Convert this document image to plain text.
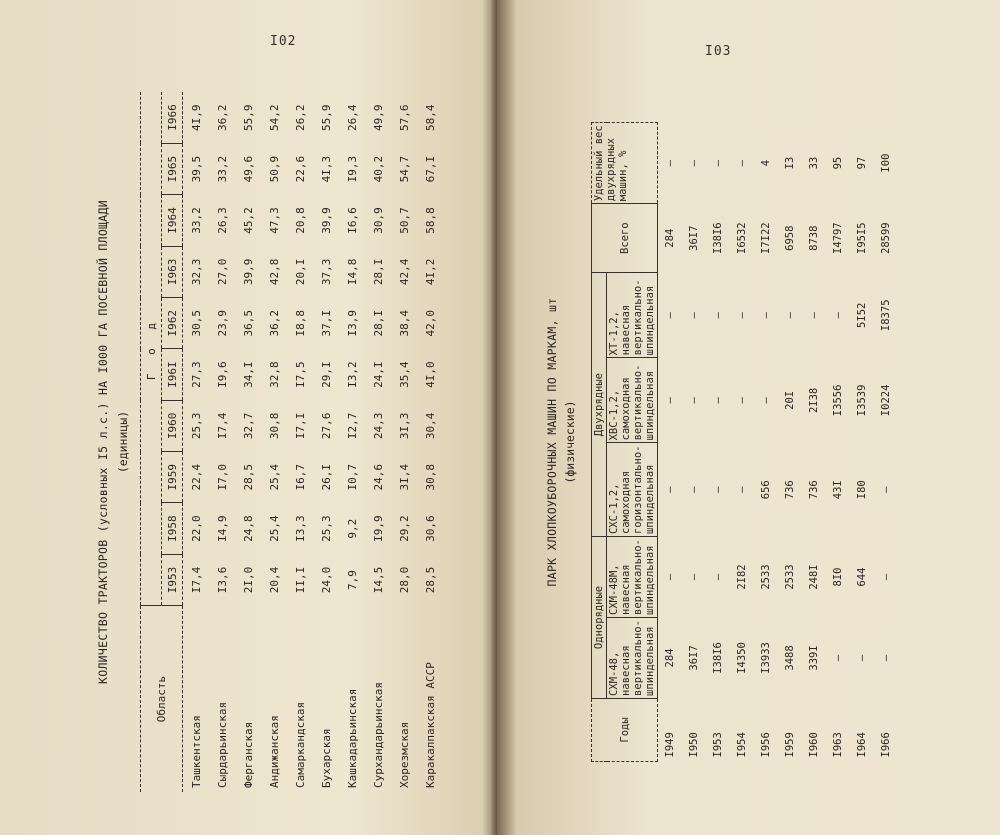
I02
КОЛИЧЕСТВО ТРАКТОРОВ (условных I5 л.с.) НА I000 ГА ПОСЕВНОЙ ПЛОЩАДИ (единицы)
Область	Г о д									
	I953	I958	I959	I960	I96I	I962	I963	I964	I965	I966
Ташкентская	I7,4	22,0	22,4	25,3	27,3	30,5	32,3	33,2	39,5	4I,9
Сырдарьинская	I3,6	I4,9	I7,0	I7,4	I9,6	23,9	27,0	26,3	33,2	36,2
Ферганская	2I,0	24,8	28,5	32,7	34,I	36,5	39,9	45,2	49,6	55,9
Андижанская	20,4	25,4	25,4	30,8	32,8	36,2	42,8	47,3	50,9	54,2
Самаркандская	II,I	I3,3	I6,7	I7,I	I7,5	I8,8	20,I	20,8	22,6	26,2
Бухарская	24,0	25,3	26,I	27,6	29,I	37,I	37,3	39,9	4I,3	55,9
Кашкадарьинская	7,9	9,2	I0,7	I2,7	I3,2	I3,9	I4,8	I6,6	I9,3	26,4
Сурхандарьинская	I4,5	I9,9	24,6	24,3	24,I	28,I	28,I	30,9	40,2	49,9
Хорезмская	28,0	29,2	3I,4	3I,3	35,4	38,4	42,4	50,7	54,7	57,6
Каракалпакская АССР	28,5	30,6	30,8	30,4	4I,0	42,0	4I,2	58,8	67,I	58,4
I03
ПАРК ХЛОПКОУБОРОЧНЫХ МАШИН ПО МАРКАМ, шт (физические)
Годы	Однорядные		Двухрядные			Всего	Удельный вес двухрядных машин, %
	СХМ-48, навесная вертикально-шпиндельная	СХМ-48М, навесная вертикально-шпиндельная	СХС-1,2, самоходная горизонтально-шпиндельная	ХВС-1,2, самоходная вертикально-шпиндельная	ХТ-1,2, навесная вертикально-шпиндельная		
I949	284	–	–	–	–	284	–
I950	36I7	–	–	–	–	36I7	–
I953	I38I6	–	–	–	–	I38I6	–
I954	I4350	2I82	–	–	–	I6532	–
I956	I3933	2533	656	–	–	I7I22	4
I959	3488	2533	736	20I	–	6958	I3
I960	339I	248I	736	2I38	–	8738	33
I963	–	8I0	43I	I3556	–	I4797	95
I964	–	644	I80	I3539	5I52	I95I5	97
I966	–	–	–	I0224	I8375	28599	I00
